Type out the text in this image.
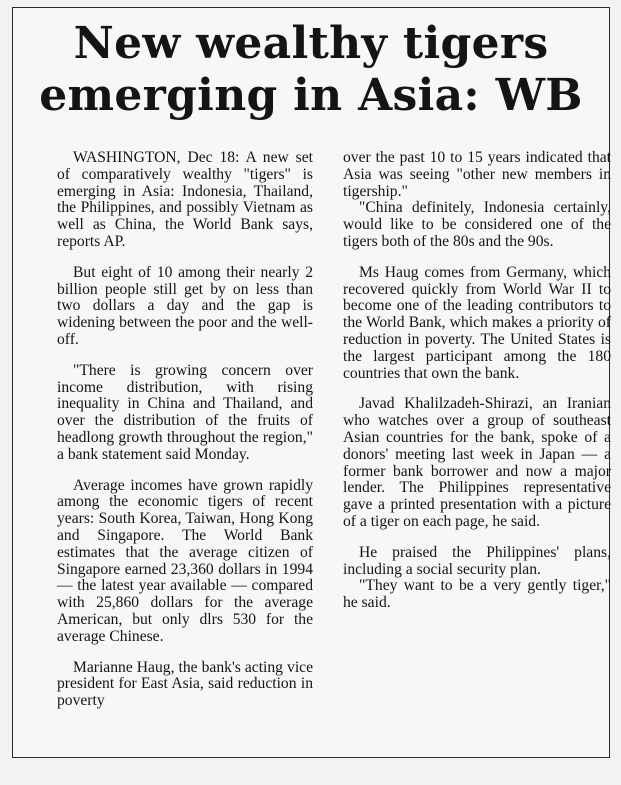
New wealthy tigers emerging in Asia: WB

WASHINGTON, Dec 18: A new set of comparatively wealthy "tigers" is emerging in Asia: Indonesia, Thailand, the Philippines, and possibly Vietnam as well as China, the World Bank says, reports AP.

But eight of 10 among their nearly 2 billion people still get by on less than two dollars a day and the gap is widening between the poor and the well-off.

"There is growing concern over income distribution, with rising inequality in China and Thailand, and over the distribution of the fruits of headlong growth throughout the region," a bank statement said Monday.

Average incomes have grown rapidly among the economic tigers of recent years: South Korea, Taiwan, Hong Kong and Singapore. The World Bank estimates that the average citizen of Singapore earned 23,360 dollars in 1994 — the latest year available — compared with 25,860 dollars for the average American, but only dlrs 530 for the average Chinese.

Marianne Haug, the bank's acting vice president for East Asia, said reduction in poverty

over the past 10 to 15 years indicated that Asia was seeing "other new members in tigership."

"China definitely, Indonesia certainly, would like to be considered one of the tigers both of the 80s and the 90s.

Ms Haug comes from Germany, which recovered quickly from World War II to become one of the leading contributors to the World Bank, which makes a priority of reduction in poverty. The United States is the largest participant among the 180 countries that own the bank.

Javad Khalilzadeh-Shirazi, an Iranian who watches over a group of southeast Asian countries for the bank, spoke of a donors' meeting last week in Japan — a former bank borrower and now a major lender. The Philippines representative gave a printed presentation with a picture of a tiger on each page, he said.

He praised the Philippines' plans, including a social security plan.

"They want to be a very gently tiger," he said.
